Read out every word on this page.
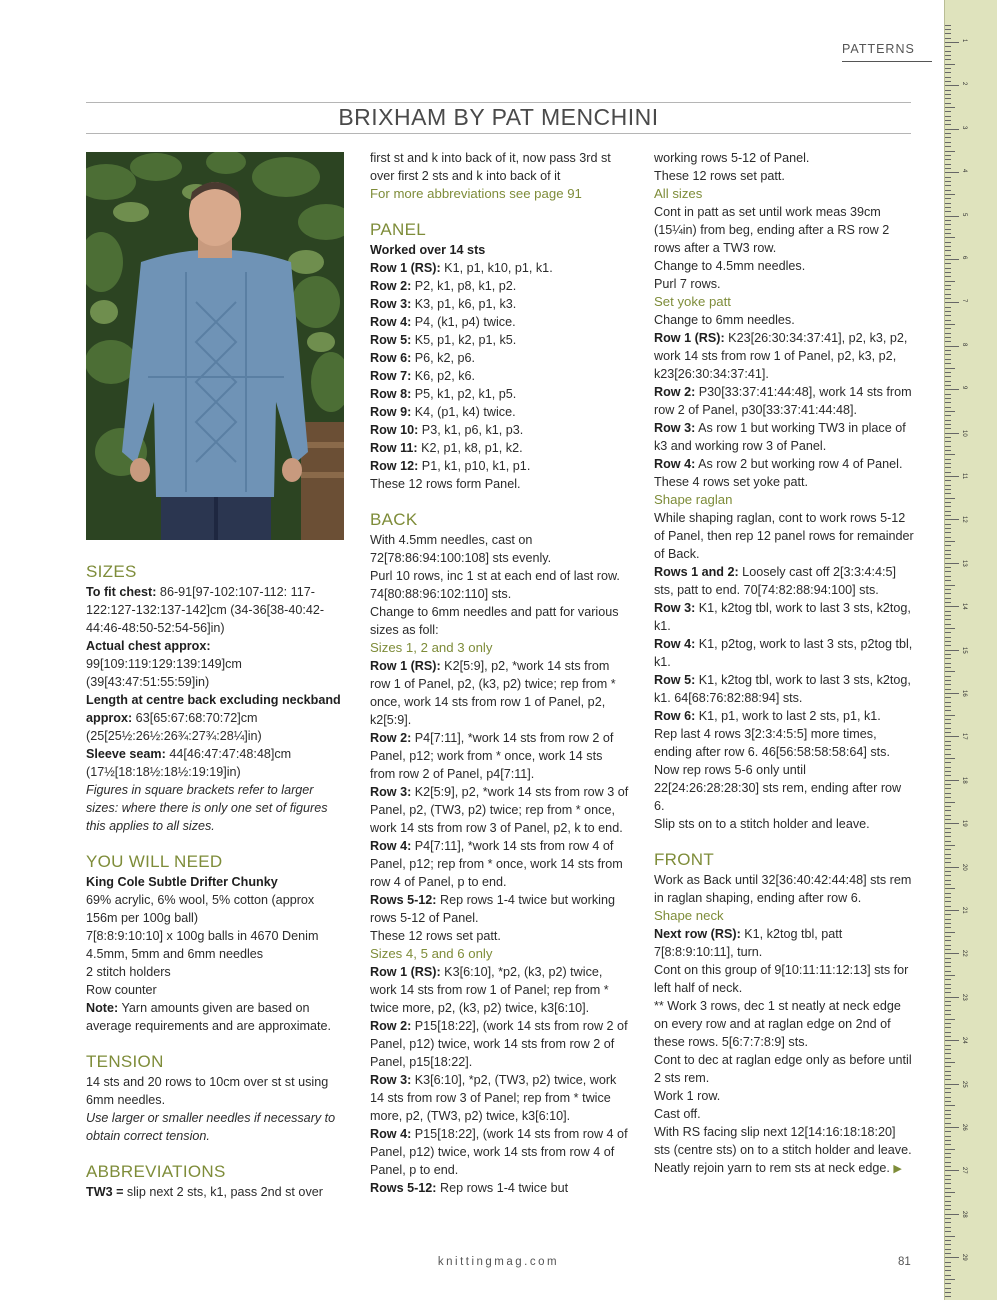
PATTERNS
BRIXHAM BY PAT MENCHINI
SIZES

To fit chest: 86-91[97-102:107-112: 117-122:127-132:137-142]cm (34-36[38-40:42-44:46-48:50-52:54-56]in)

Actual chest approx:

99[109:119:129:139:149]cm (39[43:47:51:55:59]in)

Length at centre back excluding neckband approx: 63[65:67:68:70:72]cm (25[25½:26½:26¾:27¾:28¼]in)

Sleeve seam: 44[46:47:47:48:48]cm (17½[18:18½:18½:19:19]in)

Figures in square brackets refer to larger sizes: where there is only one set of figures this applies to all sizes.

YOU WILL NEED

King Cole Subtle Drifter Chunky

69% acrylic, 6% wool, 5% cotton (approx 156m per 100g ball)

7[8:8:9:10:10] x 100g balls in 4670 Denim

4.5mm, 5mm and 6mm needles

2 stitch holders

Row counter

Note: Yarn amounts given are based on average requirements and are approximate.

TENSION

14 sts and 20 rows to 10cm over st st using 6mm needles.

Use larger or smaller needles if necessary to obtain correct tension.

ABBREVIATIONS

TW3 = slip next 2 sts, k1, pass 2nd st over

first st and k into back of it, now pass 3rd st over first 2 sts and k into back of it

For more abbreviations see page 91

PANEL

Worked over 14 sts

Row 1 (RS): K1, p1, k10, p1, k1.

Row 2: P2, k1, p8, k1, p2.

Row 3: K3, p1, k6, p1, k3.

Row 4: P4, (k1, p4) twice.

Row 5: K5, p1, k2, p1, k5.

Row 6: P6, k2, p6.

Row 7: K6, p2, k6.

Row 8: P5, k1, p2, k1, p5.

Row 9: K4, (p1, k4) twice.

Row 10: P3, k1, p6, k1, p3.

Row 11: K2, p1, k8, p1, k2.

Row 12: P1, k1, p10, k1, p1.

These 12 rows form Panel.

BACK

With 4.5mm needles, cast on 72[78:86:94:100:108] sts evenly.

Purl 10 rows, inc 1 st at each end of last row. 74[80:88:96:102:110] sts.

Change to 6mm needles and patt for various sizes as foll:

Sizes 1, 2 and 3 only

Row 1 (RS): K2[5:9], p2, *work 14 sts from row 1 of Panel, p2, (k3, p2) twice; rep from * once, work 14 sts from row 1 of Panel, p2, k2[5:9].

Row 2: P4[7:11], *work 14 sts from row 2 of Panel, p12; work from * once, work 14 sts from row 2 of Panel, p4[7:11].

Row 3: K2[5:9], p2, *work 14 sts from row 3 of Panel, p2, (TW3, p2) twice; rep from * once, work 14 sts from row 3 of Panel, p2, k to end.

Row 4: P4[7:11], *work 14 sts from row 4 of Panel, p12; rep from * once, work 14 sts from row 4 of Panel, p to end.

Rows 5-12: Rep rows 1-4 twice but working rows 5-12 of Panel.

These 12 rows set patt.

Sizes 4, 5 and 6 only

Row 1 (RS): K3[6:10], *p2, (k3, p2) twice, work 14 sts from row 1 of Panel; rep from * twice more, p2, (k3, p2) twice, k3[6:10].

Row 2: P15[18:22], (work 14 sts from row 2 of Panel, p12) twice, work 14 sts from row 2 of Panel, p15[18:22].

Row 3: K3[6:10], *p2, (TW3, p2) twice, work 14 sts from row 3 of Panel; rep from * twice more, p2, (TW3, p2) twice, k3[6:10].

Row 4: P15[18:22], (work 14 sts from row 4 of Panel, p12) twice, work 14 sts from row 4 of Panel, p to end.

Rows 5-12: Rep rows 1-4 twice but

working rows 5-12 of Panel.

These 12 rows set patt.

All sizes

Cont in patt as set until work meas 39cm (15¼in) from beg, ending after a RS row 2 rows after a TW3 row.

Change to 4.5mm needles.

Purl 7 rows.

Set yoke patt

Change to 6mm needles.

Row 1 (RS): K23[26:30:34:37:41], p2, k3, p2, work 14 sts from row 1 of Panel, p2, k3, p2, k23[26:30:34:37:41].

Row 2: P30[33:37:41:44:48], work 14 sts from row 2 of Panel, p30[33:37:41:44:48].

Row 3: As row 1 but working TW3 in place of k3 and working row 3 of Panel.

Row 4: As row 2 but working row 4 of Panel.

These 4 rows set yoke patt.

Shape raglan

While shaping raglan, cont to work rows 5-12 of Panel, then rep 12 panel rows for remainder of Back.

Rows 1 and 2: Loosely cast off 2[3:3:4:4:5] sts, patt to end. 70[74:82:88:94:100] sts.

Row 3: K1, k2tog tbl, work to last 3 sts, k2tog, k1.

Row 4: K1, p2tog, work to last 3 sts, p2tog tbl, k1.

Row 5: K1, k2tog tbl, work to last 3 sts, k2tog, k1. 64[68:76:82:88:94] sts.

Row 6: K1, p1, work to last 2 sts, p1, k1.

Rep last 4 rows 3[2:3:4:5:5] more times, ending after row 6. 46[56:58:58:58:64] sts.

Now rep rows 5-6 only until 22[24:26:28:28:30] sts rem, ending after row 6.

Slip sts on to a stitch holder and leave.

FRONT

Work as Back until 32[36:40:42:44:48] sts rem in raglan shaping, ending after row 6.

Shape neck

Next row (RS): K1, k2tog tbl, patt 7[8:8:9:10:11], turn.

Cont on this group of 9[10:11:11:12:13] sts for left half of neck.

** Work 3 rows, dec 1 st neatly at neck edge on every row and at raglan edge on 2nd of these rows. 5[6:7:7:8:9] sts.

Cont to dec at raglan edge only as before until 2 sts rem.

Work 1 row.

Cast off.

With RS facing slip next 12[14:16:18:18:20] sts (centre sts) on to a stitch holder and leave.

Neatly rejoin yarn to rem sts at neck edge. ▶

knittingmag.com	81
1
2
3
4
5
6
7
8
9
10
11
12
13
14
15
16
17
18
19
20
21
22
23
24
25
26
27
28
29
